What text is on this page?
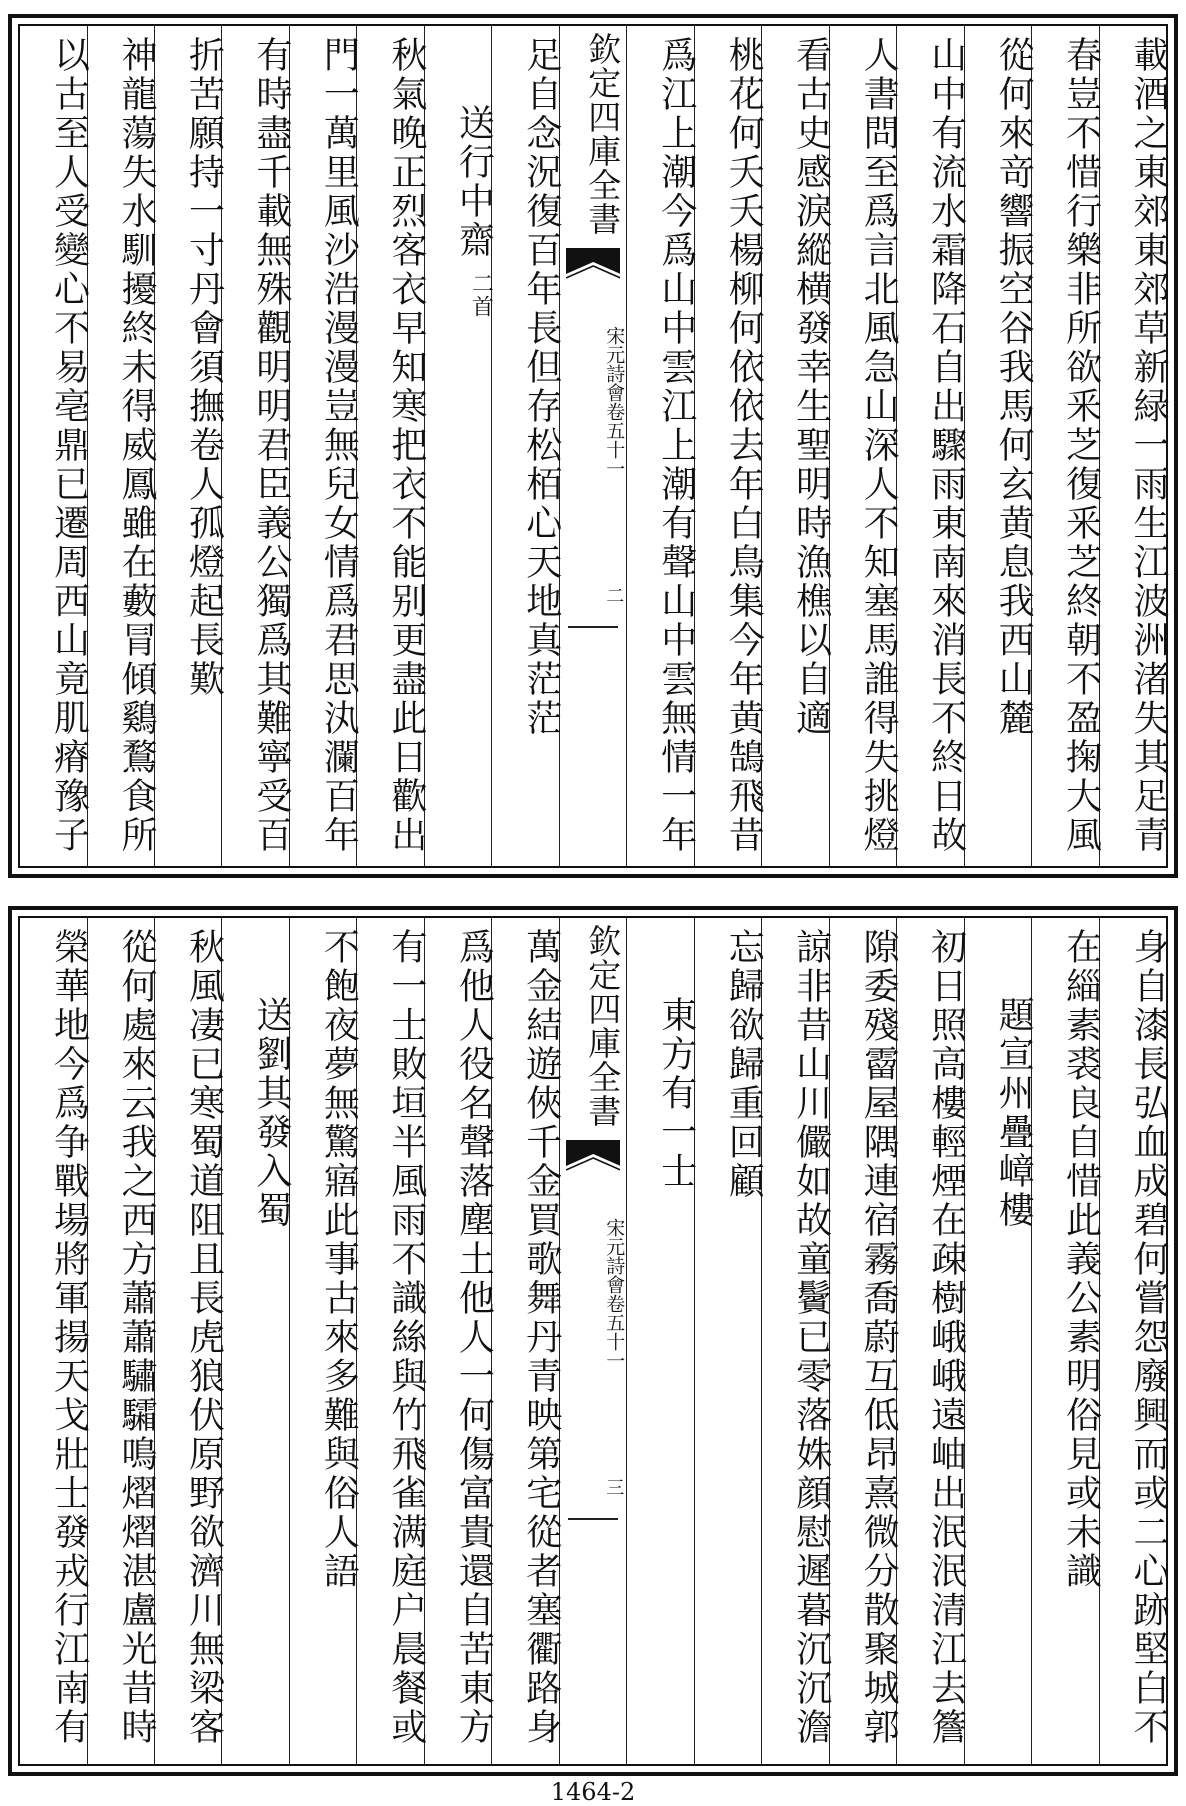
載酒之東郊東郊草新緑一雨生江波洲渚失其足青
春豈不惜行樂非所欲釆芝復釆芝終朝不盈掬大風
從何來竒響振空谷我馬何玄黄息我西山麓
山中有流水霜降石自出驟雨東南來消長不終日故
人書問至爲言北風急山深人不知塞馬誰得失挑燈
看古史感淚縱横發幸生聖明時漁樵以自適
桃花何夭夭楊柳何依依去年白鳥集今年黄鵠飛昔
爲江上潮今爲山中雲江上潮有聲山中雲無情一年
欽定四庫全書
宋元詩會
卷五十一
二
足自念況復百年長但存松栢心天地真茫茫
送行中齋
二首
秋氣晚正烈客衣早知寒把衣不能别更盡此日歡出
門一萬里風沙浩漫漫豈無兒女情爲君思汍瀾百年
有時盡千載無殊觀明明君臣義公獨爲其難寧受百
折苦願持一寸丹會須撫卷人孤燈起長歎
神龍蕩失水馴擾終未得威鳳雖在藪冐傾鷄鶩食所
以古至人受變心不易亳鼎已遷周西山竟肌瘠豫子
身自漆長弘血成碧何嘗怨廢興而或二心跡堅白不
在緇素裘良自惜此義公素明俗見或未識
題宣州疊嶂樓
初日照高樓輕煙在疎樹峨峨遠岫出泯泯清江去簷
隙委殘霤屋隅連宿霧喬蔚互低昂熹微分散聚城郭
諒非昔山川儼如故童鬢已零落姝顔慰遲暮沉沉澹
忘歸欲歸重回顧
東方有一士
欽定四庫全書
宋元詩會
卷五十一
三
萬金結遊俠千金買歌舞丹青映第宅從者塞衢路身
爲他人役名聲落塵土他人一何傷富貴還自苦東方
有一士敗垣半風雨不識絲與竹飛雀满庭户晨餐或
不飽夜夢無驚寤此事古來多難與俗人語
送劉其發入蜀
秋風凄已寒蜀道阻且長虎狼伏原野欲濟川無梁客
從何處來云我之西方蕭蕭驌驦鳴熠熠湛盧光昔時
榮華地今爲争戰場將軍揚天戈壯士發戎行江南有
1464-2
